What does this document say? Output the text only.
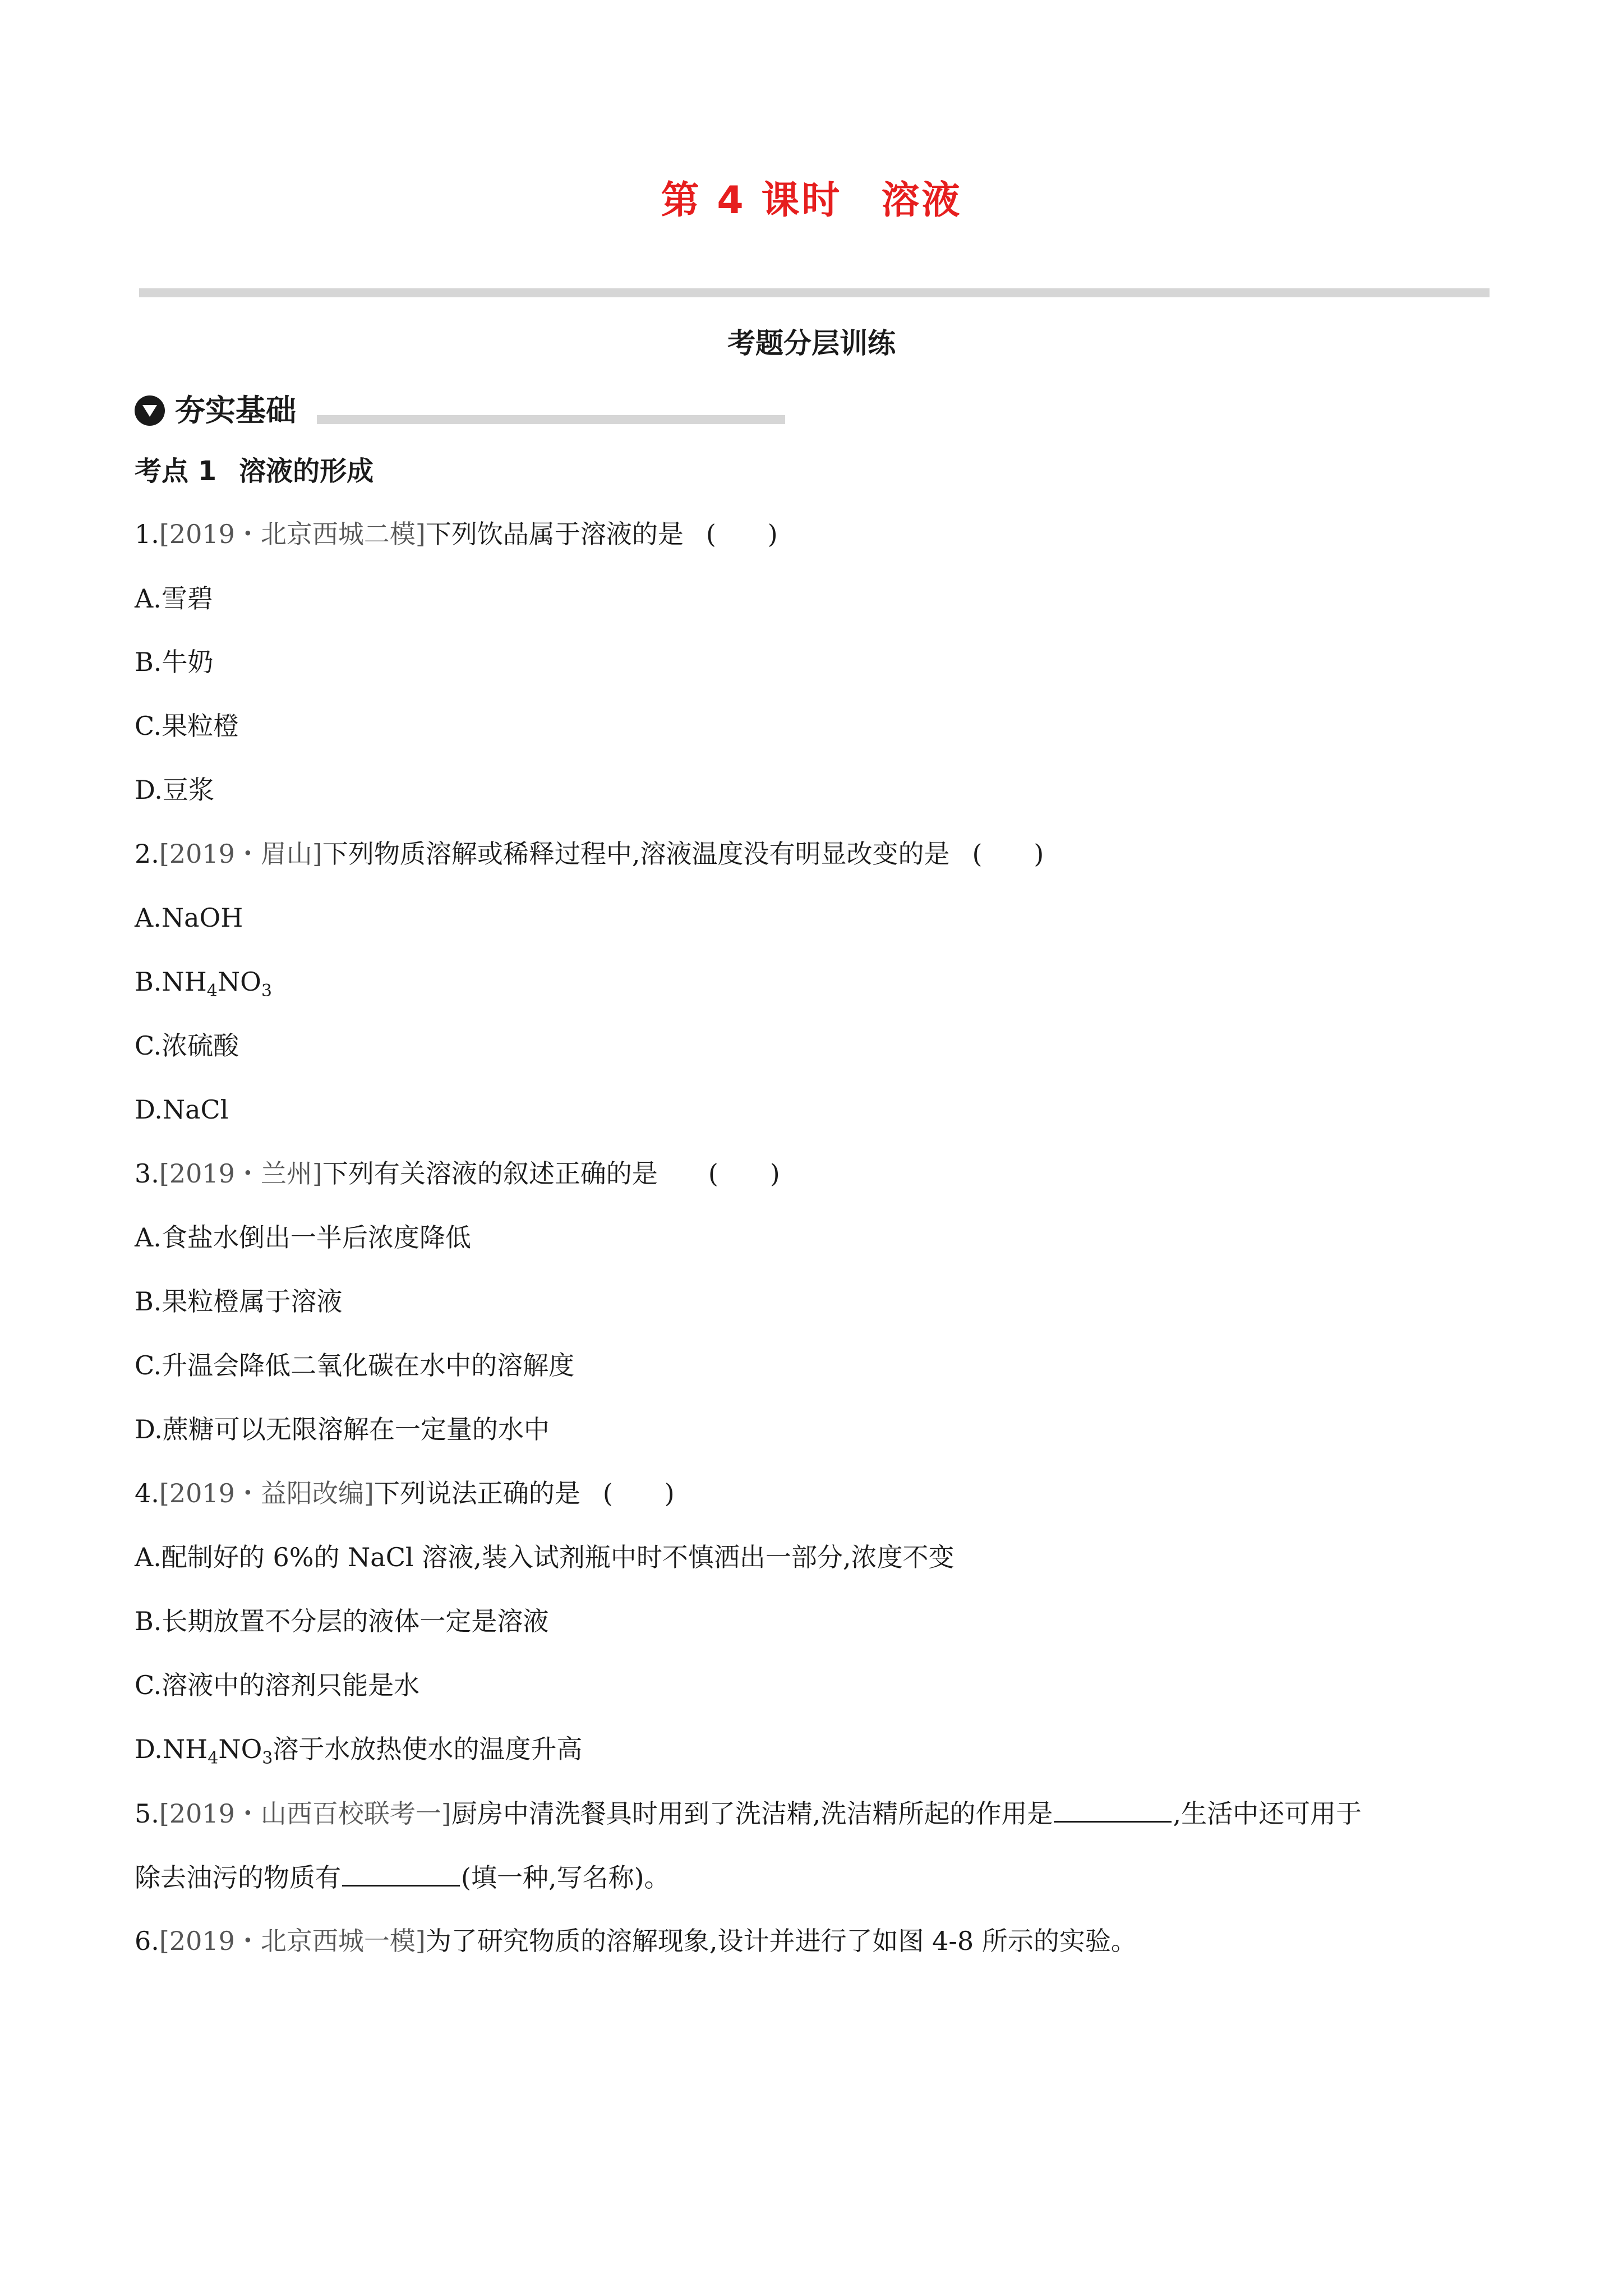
第 4 课时 溶液
考题分层训练
夯实基础
考点 1 溶液的形成
1.[2019・北京西城二模]下列饮品属于溶液的是 (　　)
A.雪碧
B.牛奶
C.果粒橙
D.豆浆
2.[2019・眉山]下列物质溶解或稀释过程中,溶液温度没有明显改变的是 (　　)
A.NaOH
$B.NH_4NO_3$
C.浓硫酸
D.NaCl
3.[2019・兰州]下列有关溶液的叙述正确的是 (　　)
A.食盐水倒出一半后浓度降低
B.果粒橙属于溶液
C.升温会降低二氧化碳在水中的溶解度
D.蔗糖可以无限溶解在一定量的水中
4.[2019・益阳改编]下列说法正确的是 (　　)
A.配制好的 6%的 NaCl 溶液,装入试剂瓶中时不慎洒出一部分,浓度不变
B.长期放置不分层的液体一定是溶液
C.溶液中的溶剂只能是水
$D.NH_4NO_3$溶于水放热使水的温度升高
5.[2019・山西百校联考一]厨房中清洗餐具时用到了洗洁精,洗洁精所起的作用是	,生活中还可用于
除去油污的物质有	(填一种,写名称)。
6.[2019・北京西城一模]为了研究物质的溶解现象,设计并进行了如图 4-8 所示的实验。
